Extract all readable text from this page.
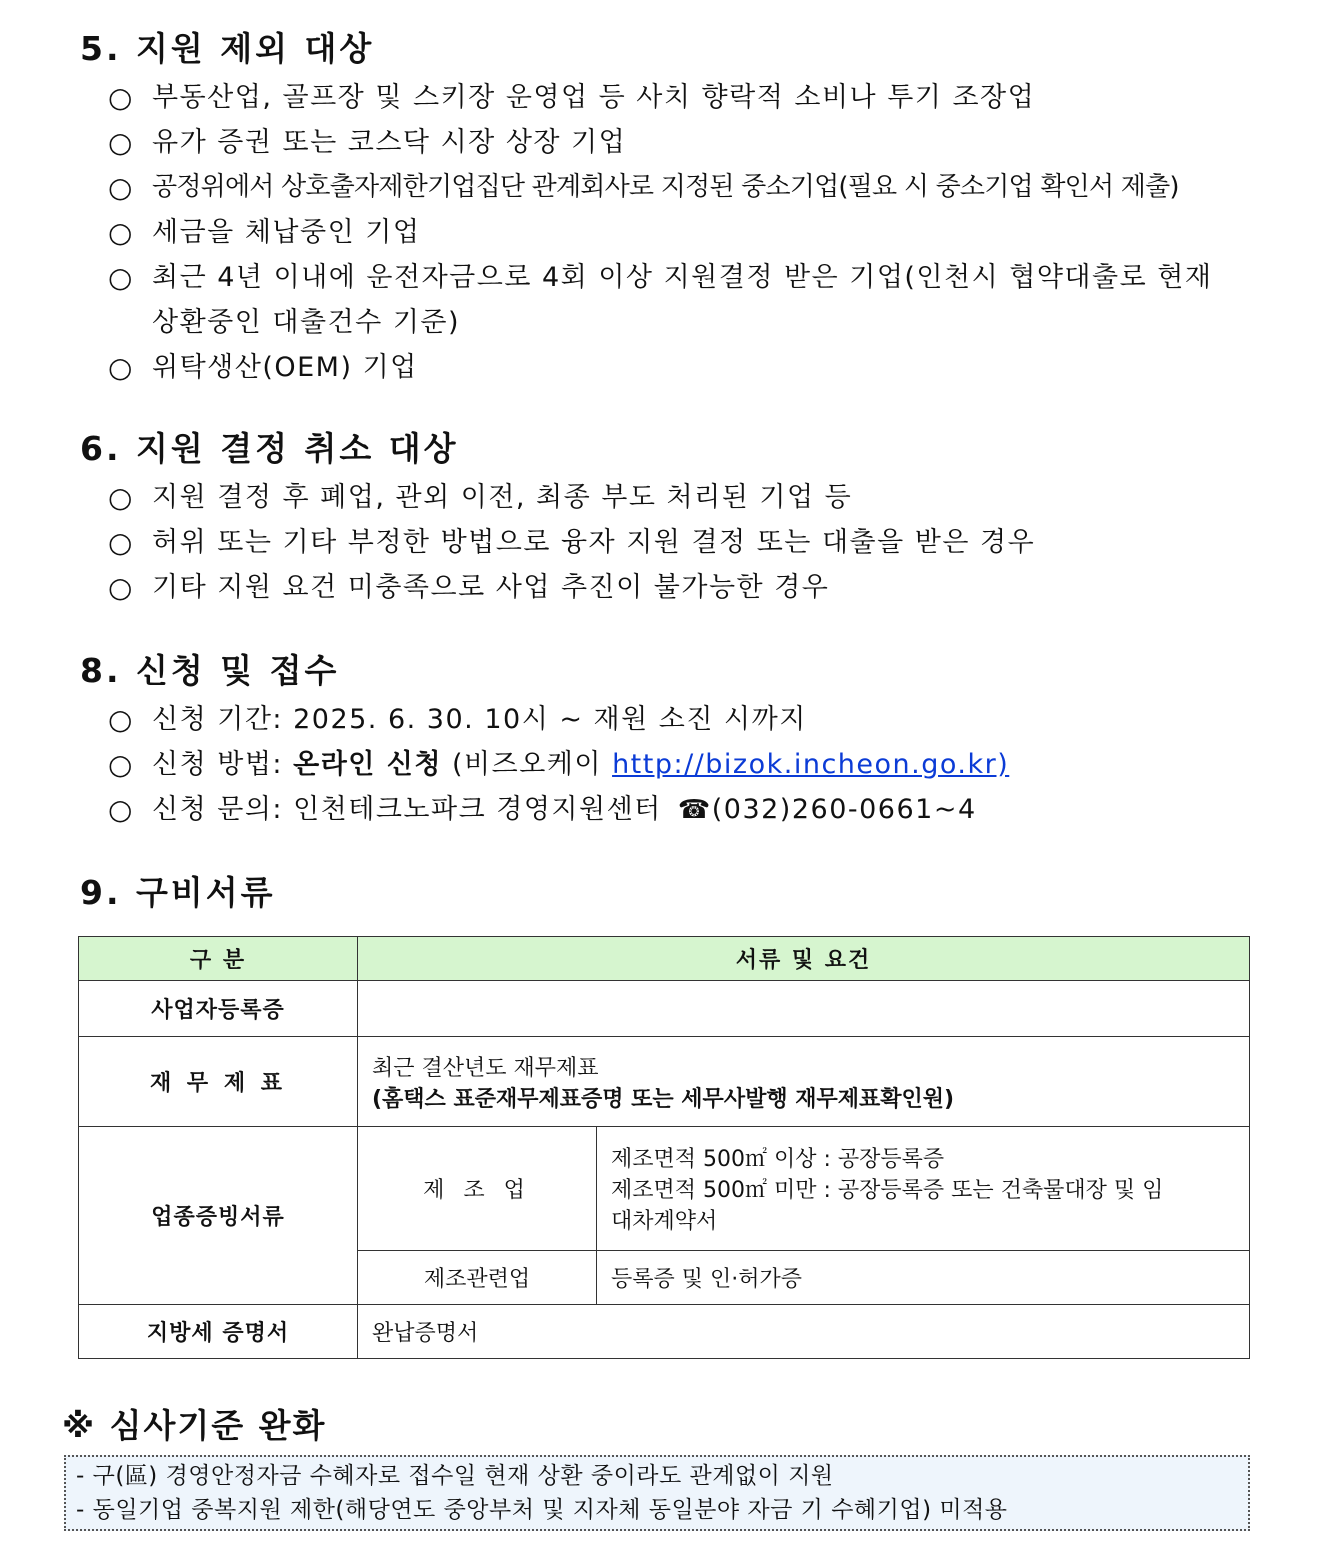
5. 지원 제외 대상
○ 부동산업, 골프장 및 스키장 운영업 등 사치 향락적 소비나 투기 조장업
○ 유가 증권 또는 코스닥 시장 상장 기업
○ 공정위에서 상호출자제한기업집단 관계회사로 지정된 중소기업(필요 시 중소기업 확인서 제출)
○ 세금을 체납중인 기업
○ 최근 4년 이내에 운전자금으로 4회 이상 지원결정 받은 기업(인천시 협약대출로 현재 상환중인 대출건수 기준)
○ 위탁생산(OEM) 기업
6. 지원 결정 취소 대상
○ 지원 결정 후 폐업, 관외 이전, 최종 부도 처리된 기업 등
○ 허위 또는 기타 부정한 방법으로 융자 지원 결정 또는 대출을 받은 경우
○ 기타 지원 요건 미충족으로 사업 추진이 불가능한 경우
8. 신청 및 접수
○ 신청 기간: 2025. 6. 30. 10시 ~ 재원 소진 시까지
○ 신청 방법: 온라인 신청 (비즈오케이 http://bizok.incheon.go.kr)
○ 신청 문의: 인천테크노파크 경영지원센터 ☎(032)260-0661~4
9. 구비서류
구 분	서류 및 요건	
사업자등록증		
재 무 제 표	최근 결산년도 재무제표
(홈택스 표준재무제표증명 또는 세무사발행 재무제표확인원)	

업종증빙서류	제 조 업	제조면적 500㎡ 이상 : 공장등록증
제조면적 500㎡ 미만 : 공장등록증 또는 건축물대장 및 임대차계약서

	제조관련업	등록증 및 인·허가증
지방세 증명서	완납증명서	
※ 심사기준 완화
- 구(區) 경영안정자금 수혜자로 접수일 현재 상환 중이라도 관계없이 지원
- 동일기업 중복지원 제한(해당연도 중앙부처 및 지자체 동일분야 자금 기 수혜기업) 미적용
